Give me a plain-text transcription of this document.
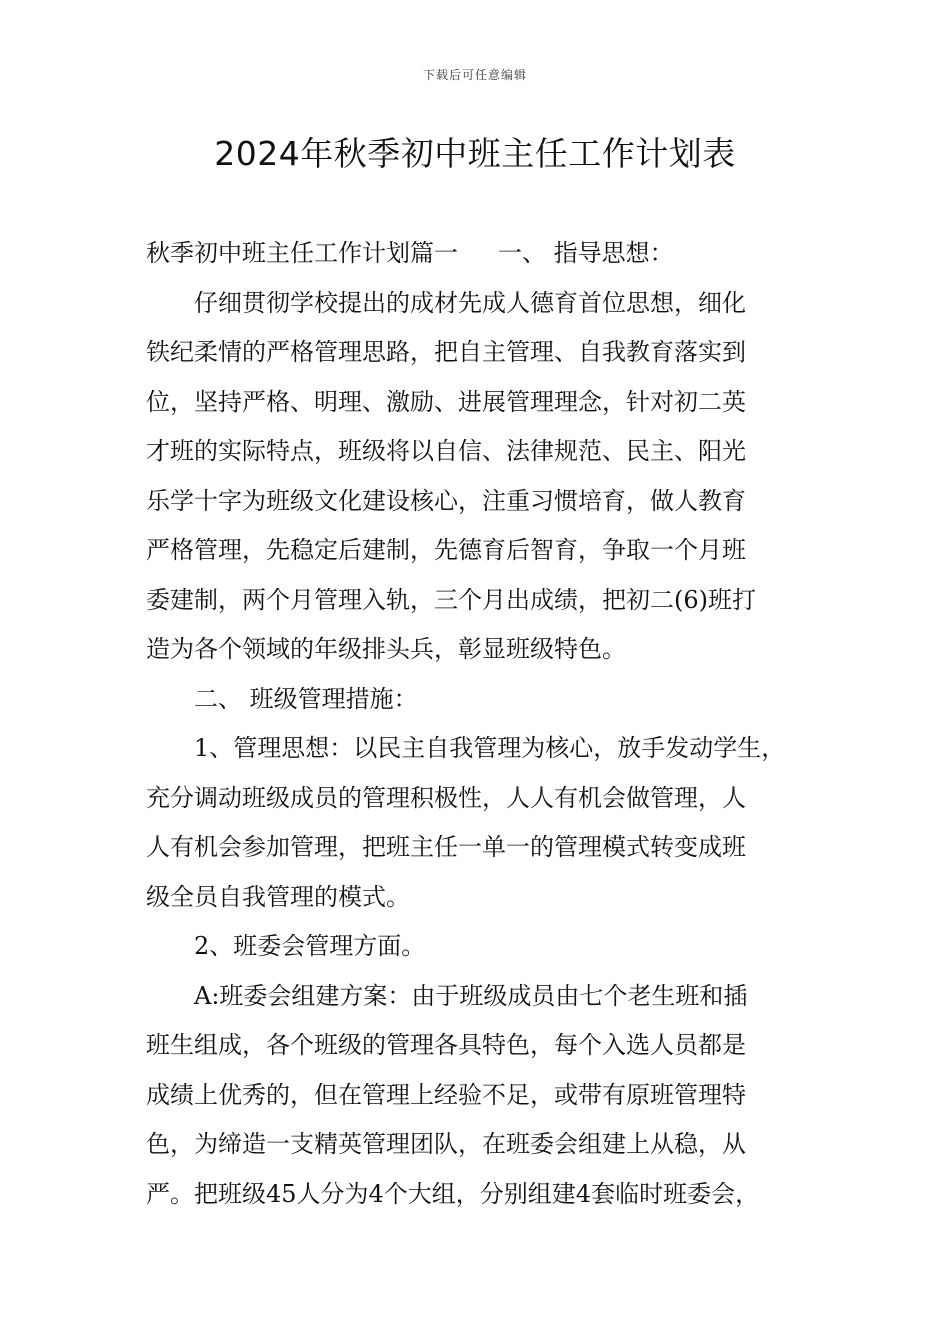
下载后可任意编辑
2024年秋季初中班主任工作计划表
秋季初中班主任工作计划篇一 一、 指导思想：
仔细贯彻学校提出的成材先成人德育首位思想，细化
铁纪柔情的严格管理思路，把自主管理、自我教育落实到
位，坚持严格、明理、激励、进展管理理念，针对初二英
才班的实际特点，班级将以自信、法律规范、民主、阳光
乐学十字为班级文化建设核心，注重习惯培育，做人教育
严格管理，先稳定后建制，先德育后智育，争取一个月班
委建制，两个月管理入轨，三个月出成绩，把初二(6)班打
造为各个领域的年级排头兵，彰显班级特色。
二、 班级管理措施：
1、管理思想：以民主自我管理为核心，放手发动学生，
充分调动班级成员的管理积极性，人人有机会做管理，人
人有机会参加管理，把班主任一单一的管理模式转变成班
级全员自我管理的模式。
2、班委会管理方面。
A:班委会组建方案：由于班级成员由七个老生班和插
班生组成，各个班级的管理各具特色，每个入选人员都是
成绩上优秀的，但在管理上经验不足，或带有原班管理特
色，为缔造一支精英管理团队，在班委会组建上从稳，从
严。把班级45人分为4个大组，分别组建4套临时班委会，
